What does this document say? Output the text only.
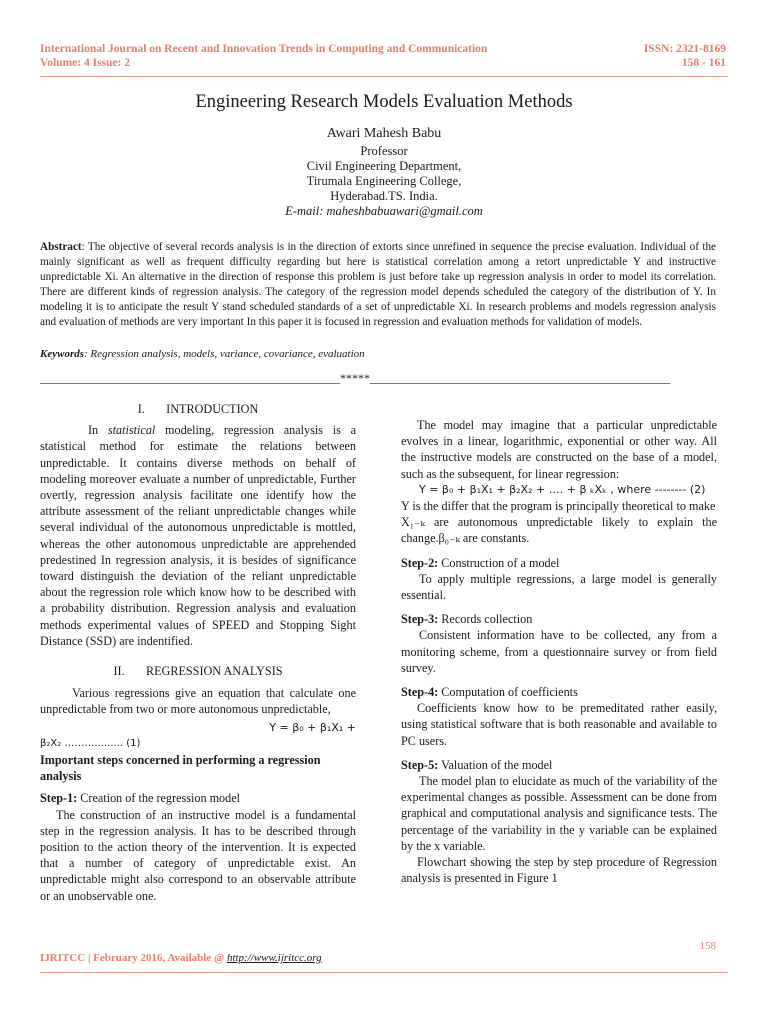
International Journal on Recent and Innovation Trends in Computing and Communication
Volume: 4 Issue: 2
ISSN: 2321-8169
158 - 161
Engineering Research Models Evaluation Methods
Awari Mahesh Babu
Professor
Civil Engineering Department,
Tirumala Engineering College,
Hyderabad.TS. India.
E-mail: maheshbabuawari@gmail.com
Abstract: The objective of several records analysis is in the direction of extorts since unrefined in sequence the precise evaluation. Individual of the mainly significant as well as frequent difficulty regarding but here is statistical correlation among a retort unpredictable Y and instructive unpredictable Xi. An alternative in the direction of response this problem is just before take up regression analysis in order to model its correlation. There are different kinds of regression analysis. The category of the regression model depends scheduled the category of the distribution of Y. In modeling it is to anticipate the result Y stand scheduled standards of a set of unpredictable Xi. In research problems and models regression analysis and evaluation of methods are very important In this paper it is focused in regression and evaluation methods for validation of models.
Keywords: Regression analysis, models, variance, covariance, evaluation
__________________________________________________*****__________________________________________________

I.       INTRODUCTION

In statistical modeling, regression analysis is a statistical method for estimate the relations between unpredictable. It contains diverse methods on behalf of modeling moreover evaluate a number of unpredictable, Further overtly, regression analysis facilitate one identify how the attribute assessment of the reliant unpredictable changes while several individual of the autonomous unpredictable is mottled, whereas the other autonomous unpredictable are apprehended predestined In regression analysis, it is besides of significance toward distinguish the deviation of the reliant unpredictable about the regression role which know how to be described with a probability distribution. Regression analysis and evaluation methods experimental values of SPEED and Stopping Sight Distance (SSD) are indentified.

II.       REGRESSION ANALYSIS

Various regressions give an equation that calculate one unpredictable from two or more autonomous unpredictable,

Y = β₀ + β₁X₁ +

β₂X₂ ………......... (1)

Important steps concerned in performing a regression analysis

Step-1: Creation of the regression model

The construction of an instructive model is a fundamental step in the regression analysis. It has to be described through position to the action theory of the intervention. It is expected that a number of category of unpredictable exist. An unpredictable might also correspond to an observable attribute or an unobservable one.

The model may imagine that a particular unpredictable evolves in a linear, logarithmic, exponential or other way. All the instructive models are constructed on the base of a model, such as the subsequent, for linear regression:

Y = β₀ + β₁X₁ + β₂X₂ + …. + β ₖXₖ , where -------- (2)

Y is the differ that the program is principally theoretical to make

X₁₋ₖ are autonomous unpredictable likely to explain the change.β₀₋ₖ are constants.

Step-2: Construction of a model

To apply multiple regressions, a large model is generally essential.

Step-3: Records collection

Consistent information have to be collected, any from a monitoring scheme, from a questionnaire survey or from field survey.

Step-4: Computation of coefficients

Coefficients know how to be premeditated rather easily, using statistical software that is both reasonable and available to PC users.

Step-5: Valuation of the model

The model plan to elucidate as much of the variability of the experimental changes as possible. Assessment can be done from graphical and computational analysis and significance tests. The percentage of the variability in the y variable can be explained by the x variable.

Flowchart showing the step by step procedure of Regression analysis is presented in Figure 1

158
IJRITCC | February 2016, Available @ http://www.ijritcc.org
